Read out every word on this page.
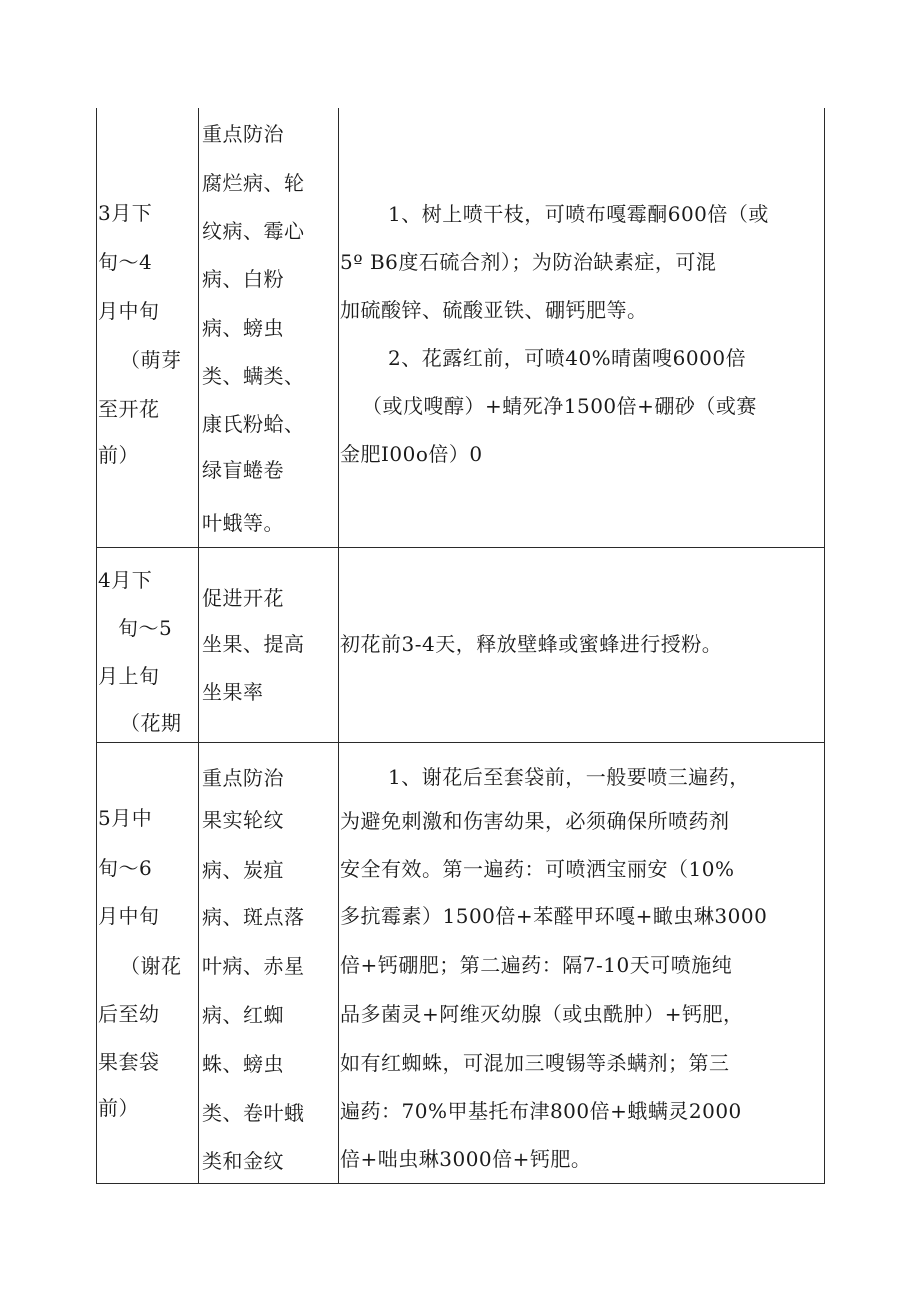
3月下
旬～4
月中旬
（萌芽
至开花
前）
重点防治
腐烂病、轮
纹病、霉心
病、白粉
病、螃虫
类、螨类、
康氏粉蛤、
绿盲蜷卷
叶蛾等。
1、树上喷干枝，可喷布嘎霉酮600倍（或
5º B6度石硫合剂）；为防治缺素症，可混
加硫酸锌、硫酸亚铁、硼钙肥等。
2、花露红前，可喷40%晴菌嗖6000倍
（或戊嗖醇）+蜻死净1500倍+硼砂（或赛
金肥I00o倍）0
4月下
旬～5
月上旬
（花期
促进开花
坐果、提高
坐果率
初花前3-4天，释放壁蜂或蜜蜂进行授粉。
5月中
旬～6
月中旬
（谢花
后至幼
果套袋
前）
重点防治
果实轮纹
病、炭疽
病、斑点落
叶病、赤星
病、红蜘
蛛、螃虫
类、卷叶蛾
类和金纹
1、谢花后至套袋前，一般要喷三遍药，
为避免刺激和伤害幼果，必须确保所喷药剂
安全有效。第一遍药：可喷洒宝丽安（10%
多抗霉素）1500倍+苯醛甲环嘎+瞰虫琳3000
倍+钙硼肥；第二遍药：隔7-10天可喷施纯
品多菌灵+阿维灭幼腺（或虫酰肿）+钙肥，
如有红蜘蛛，可混加三嗖锡等杀螨剂；第三
遍药：70%甲基托布津800倍+蛾螨灵2000
倍+咄虫琳3000倍+钙肥。
